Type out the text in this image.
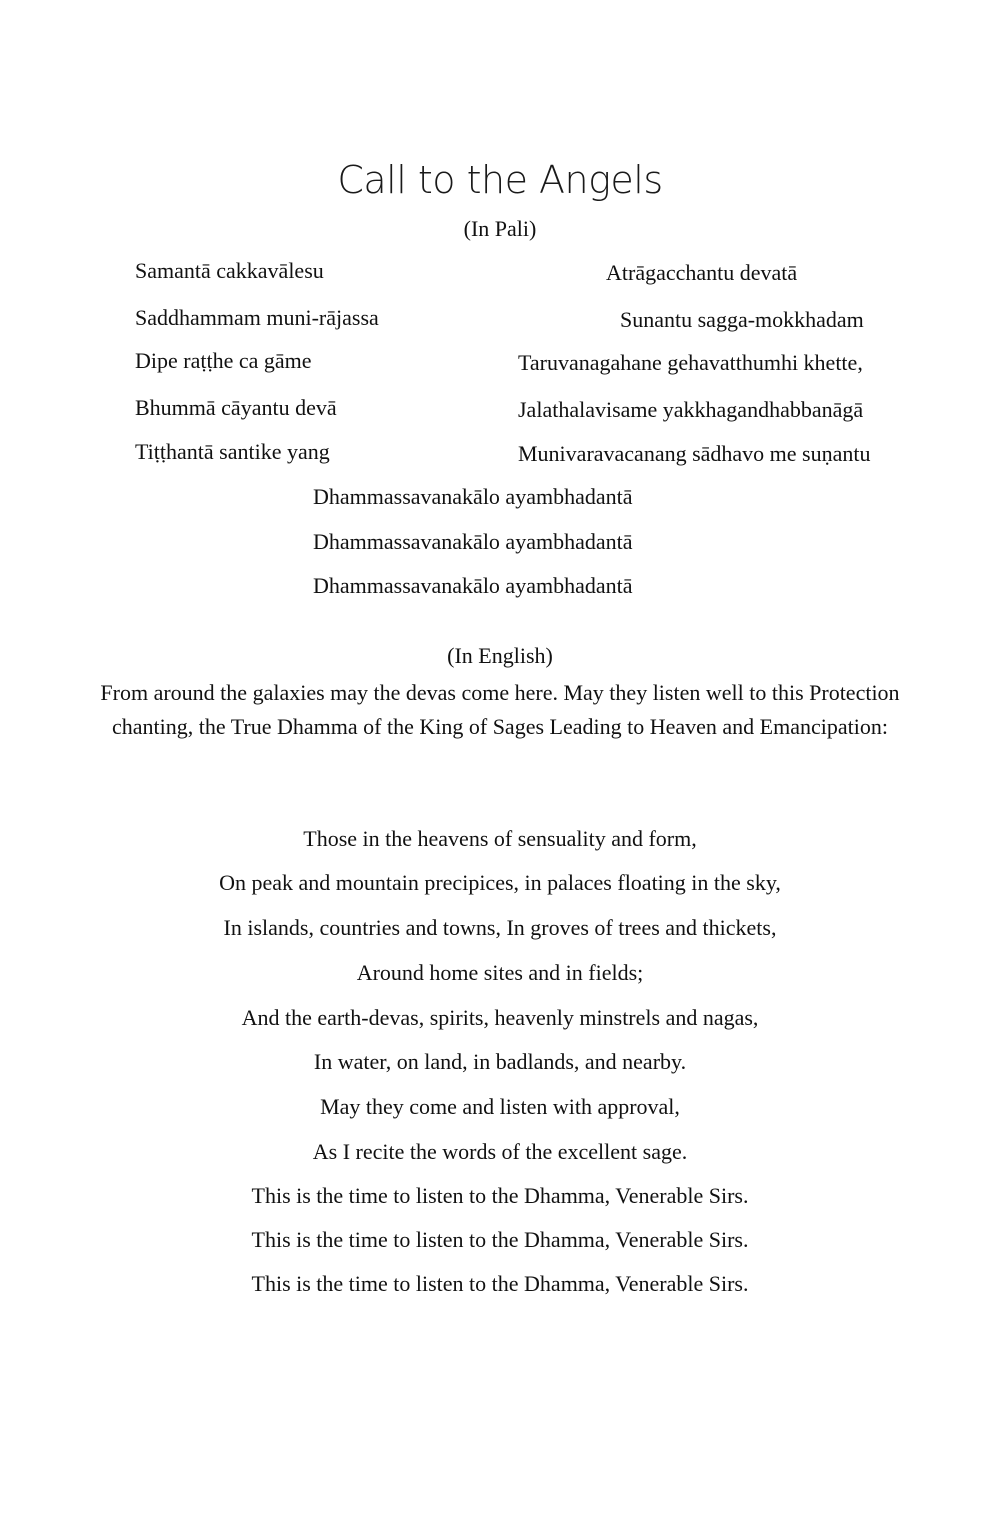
Call to the Angels
(In Pali)
Samantā cakkavālesu
Saddhammam muni-rājassa
Dipe raṭṭhe ca gāme
Bhummā cāyantu devā
Tiṭṭhantā santike yang
Atrāgacchantu devatā
Sunantu sagga-mokkhadam
Taruvanagahane gehavatthumhi khette,
Jalathalavisame yakkhagandhabbanāgā
Munivaravacanang sādhavo me suṇantu
Dhammassavanakālo ayambhadantā
Dhammassavanakālo ayambhadantā
Dhammassavanakālo ayambhadantā
(In English)
From around the galaxies may the devas come here. May they listen well to this Protection chanting, the True Dhamma of the King of Sages Leading to Heaven and Emancipation:
Those in the heavens of sensuality and form,
On peak and mountain precipices, in palaces floating in the sky,
In islands, countries and towns, In groves of trees and thickets,
Around home sites and in fields;
And the earth-devas, spirits, heavenly minstrels and nagas,
In water, on land, in badlands, and nearby.
May they come and listen with approval,
As I recite the words of the excellent sage.
This is the time to listen to the Dhamma, Venerable Sirs.
This is the time to listen to the Dhamma, Venerable Sirs.
This is the time to listen to the Dhamma, Venerable Sirs.
